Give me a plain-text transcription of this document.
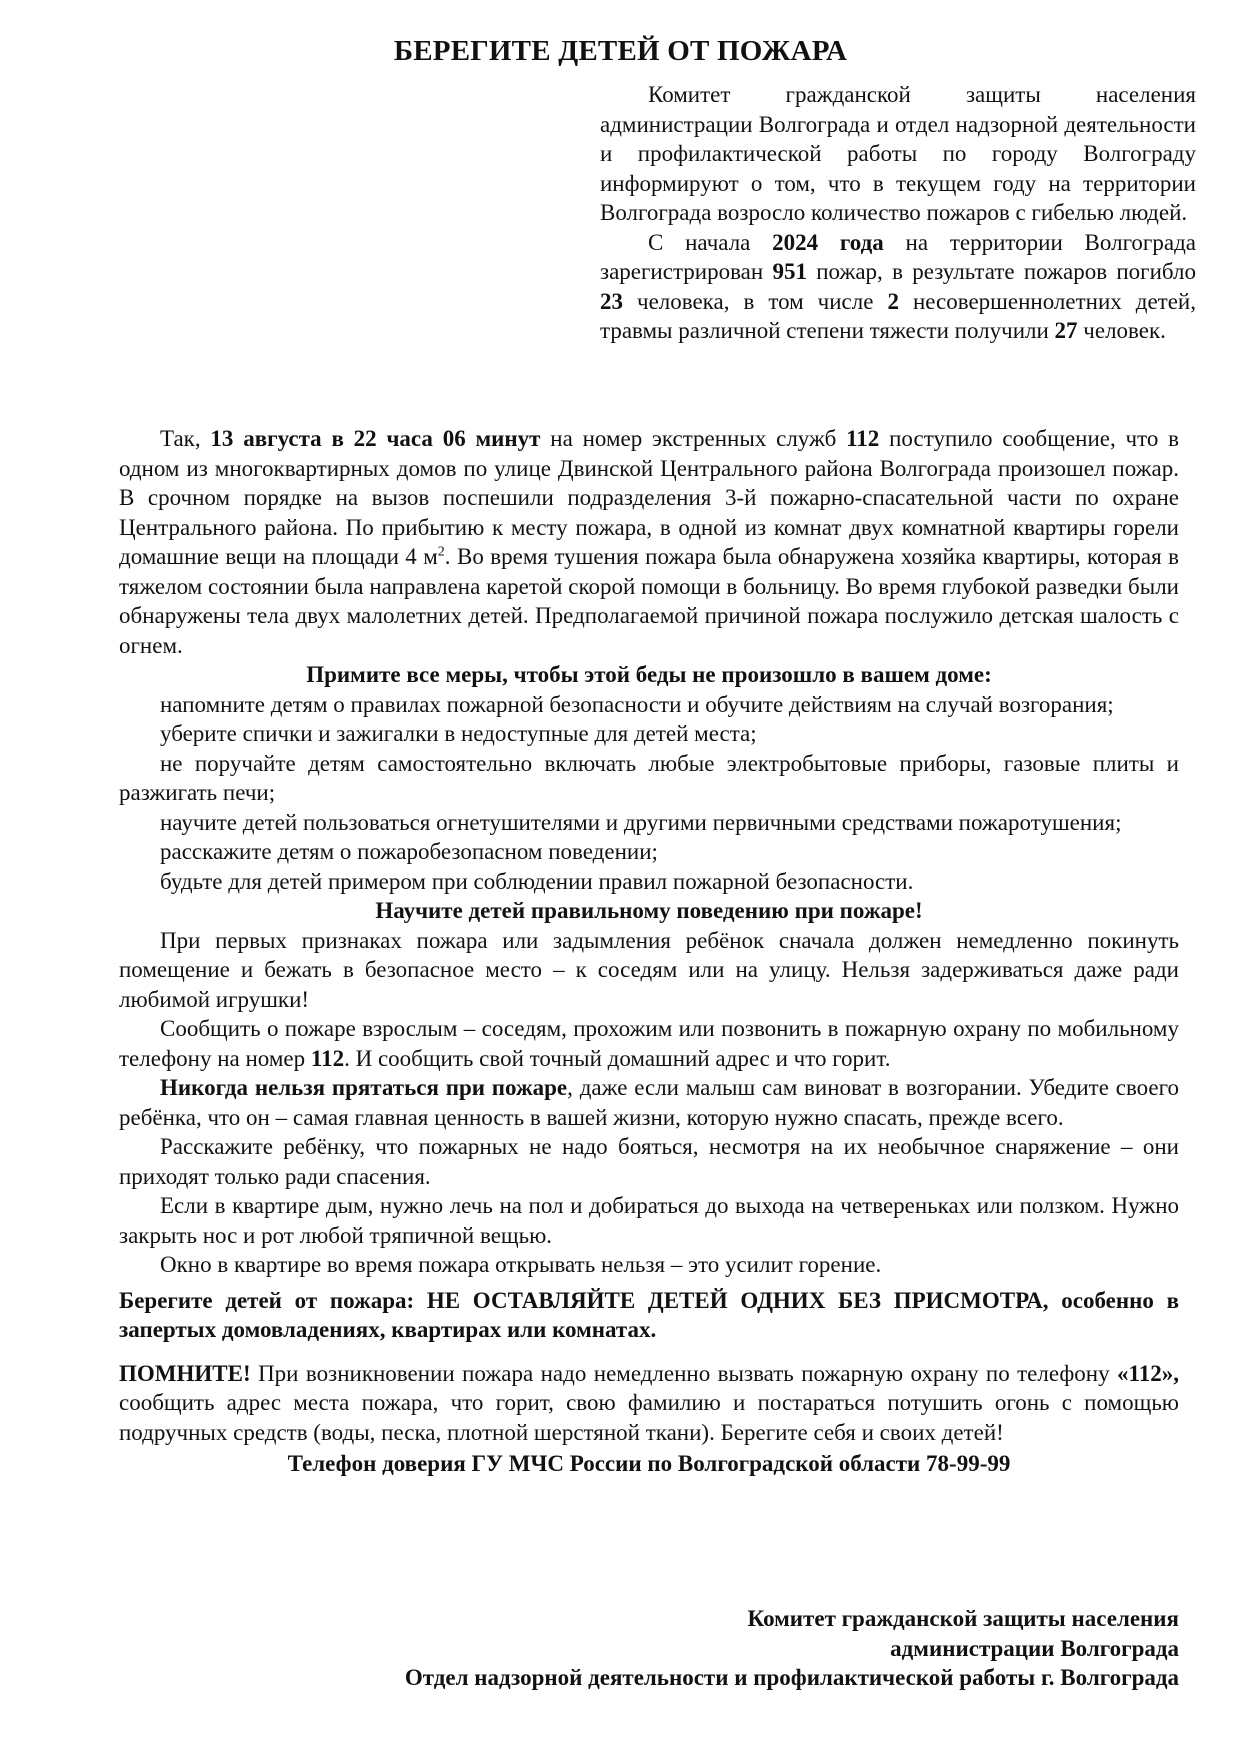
БЕРЕГИТЕ ДЕТЕЙ ОТ ПОЖАРА

Комитет гражданской защиты населения администрации Волгограда и отдел надзорной деятельности и профилактической работы по городу Волгограду информируют о том, что в текущем году на территории Волгограда возросло количество пожаров с гибелью людей.

С начала 2024 года на территории Волгограда зарегистрирован 951 пожар, в результате пожаров погибло 23 человека, в том числе 2 несовершеннолетних детей, травмы различной степени тяжести получили 27 человек.

Так, 13 августа в 22 часа 06 минут на номер экстренных служб 112 поступило сообщение, что в одном из многоквартирных домов по улице Двинской Центрального района Волгограда произошел пожар. В срочном порядке на вызов поспешили подразделения 3-й пожарно-спасательной части по охране Центрального района. По прибытию к месту пожара, в одной из комнат двух комнатной квартиры горели домашние вещи на площади 4 $м^2$. Во время тушения пожара была обнаружена хозяйка квартиры, которая в тяжелом состоянии была направлена каретой скорой помощи в больницу. Во время глубокой разведки были обнаружены тела двух малолетних детей. Предполагаемой причиной пожара послужило детская шалость с огнем.

Примите все меры, чтобы этой беды не произошло в вашем доме:

напомните детям о правилах пожарной безопасности и обучите действиям на случай возгорания;

уберите спички и зажигалки в недоступные для детей места;

не поручайте детям самостоятельно включать любые электробытовые приборы, газовые плиты и разжигать печи;

научите детей пользоваться огнетушителями и другими первичными средствами пожаротушения;

расскажите детям о пожаробезопасном поведении;

будьте для детей примером при соблюдении правил пожарной безопасности.

Научите детей правильному поведению при пожаре!

При первых признаках пожара или задымления ребёнок сначала должен немедленно покинуть помещение и бежать в безопасное место – к соседям или на улицу. Нельзя задерживаться даже ради любимой игрушки!

Сообщить о пожаре взрослым – соседям, прохожим или позвонить в пожарную охрану по мобильному телефону на номер 112. И сообщить свой точный домашний адрес и что горит.

Никогда нельзя прятаться при пожаре, даже если малыш сам виноват в возгорании. Убедите своего ребёнка, что он – самая главная ценность в вашей жизни, которую нужно спасать, прежде всего.

Расскажите ребёнку, что пожарных не надо бояться, несмотря на их необычное снаряжение – они приходят только ради спасения.

Если в квартире дым, нужно лечь на пол и добираться до выхода на четвереньках или ползком. Нужно закрыть нос и рот любой тряпичной вещью.

Окно в квартире во время пожара открывать нельзя – это усилит горение.

Берегите детей от пожара: НЕ ОСТАВЛЯЙТЕ ДЕТЕЙ ОДНИХ БЕЗ ПРИСМОТРА, особенно в запертых домовладениях, квартирах или комнатах.

ПОМНИТЕ! При возникновении пожара надо немедленно вызвать пожарную охрану по телефону «112», сообщить адрес места пожара, что горит, свою фамилию и постараться потушить огонь с помощью подручных средств (воды, песка, плотной шерстяной ткани). Берегите себя и своих детей!

Телефон доверия ГУ МЧС России по Волгоградской области 78-99-99

Комитет гражданской защиты населения

администрации Волгограда

Отдел надзорной деятельности и профилактической работы г. Волгограда
